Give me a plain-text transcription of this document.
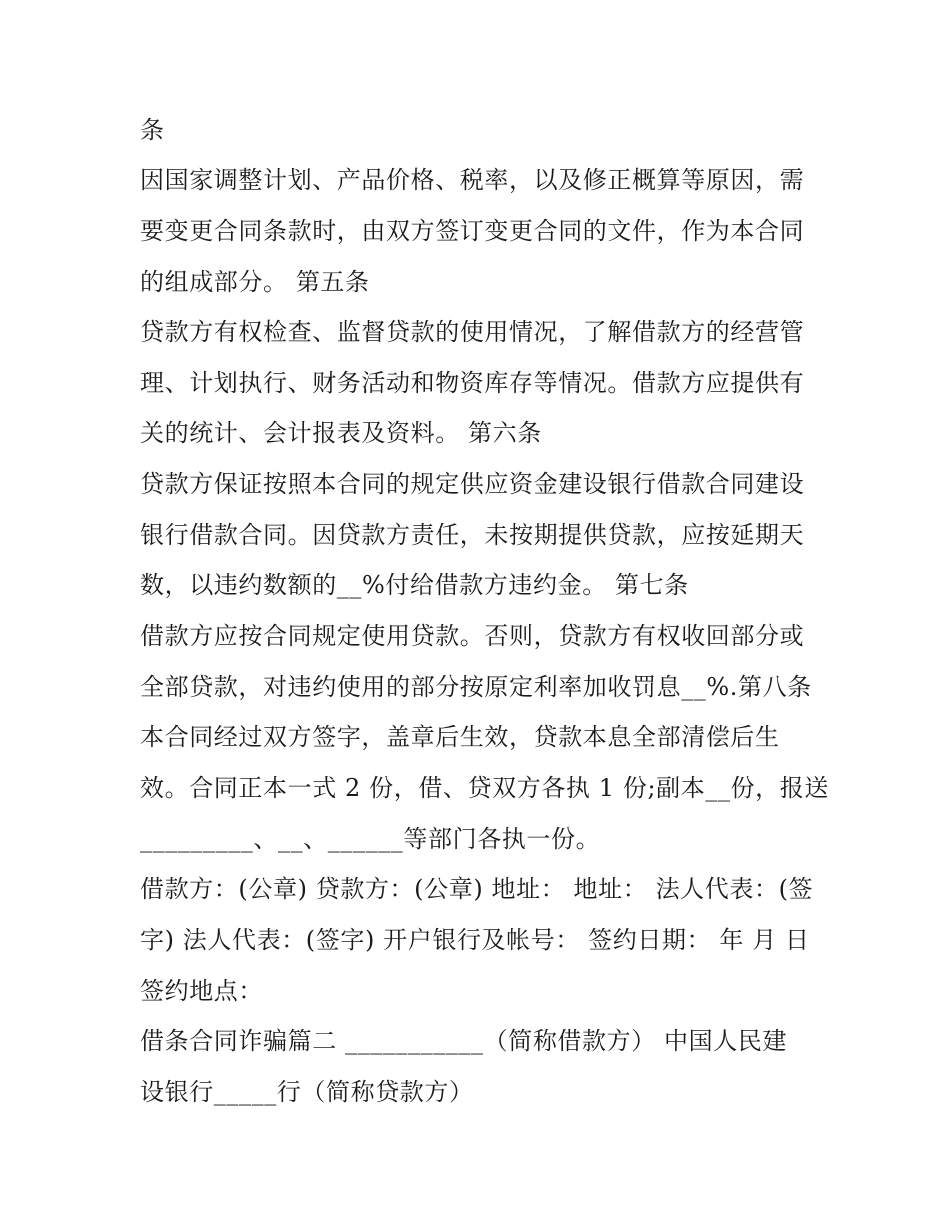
条
因国家调整计划、产品价格、税率，以及修正概算等原因，需
要变更合同条款时，由双方签订变更合同的文件，作为本合同
的组成部分。 第五条
贷款方有权检查、监督贷款的使用情况，了解借款方的经营管
理、计划执行、财务活动和物资库存等情况。借款方应提供有
关的统计、会计报表及资料。 第六条
贷款方保证按照本合同的规定供应资金建设银行借款合同建设
银行借款合同。因贷款方责任，未按期提供贷款，应按延期天
数，以违约数额的__%付给借款方违约金。 第七条
借款方应按合同规定使用贷款。否则，贷款方有权收回部分或
全部贷款，对违约使用的部分按原定利率加收罚息__%.第八条
本合同经过双方签字，盖章后生效，贷款本息全部清偿后生
效。合同正本一式 2 份，借、贷双方各执 1 份;副本__份，报送
_________、__、______等部门各执一份。
借款方：(公章) 贷款方：(公章) 地址： 地址： 法人代表：(签
字) 法人代表：(签字) 开户银行及帐号： 签约日期： 年 月 日
签约地点：
借条合同诈骗篇二 ___________（简称借款方） 中国人民建
设银行_____行（简称贷款方）
